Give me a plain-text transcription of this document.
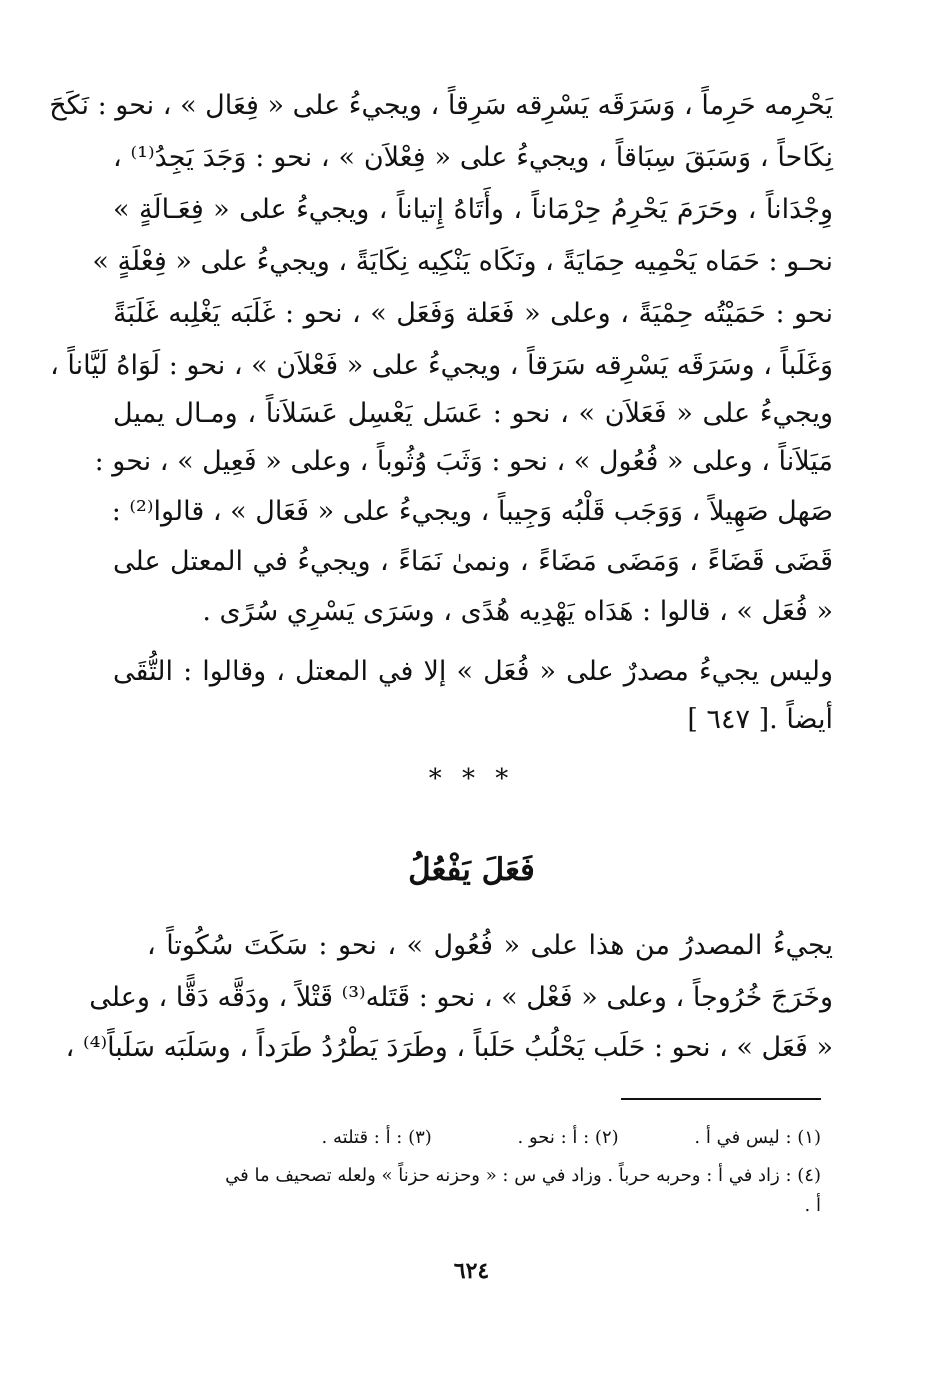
يَحْرِمه حَرِماً ، وَسَرَقَه يَسْرِقه سَرِقاً ، ويجيءُ على « فِعَال » ، نحو : نَكَحَ
نِكَاحاً ، وَسَبَقَ سِبَاقاً ، ويجيءُ على « فِعْلاَن » ، نحو : وَجَدَ يَجِدُ⁽¹⁾ ،
وِجْدَاناً ، وحَرَمَ يَحْرِمُ حِرْمَاناً ، وأَتَاهُ إِتياناً ، ويجيءُ على « فِعَـالَةٍ »
نحـو : حَمَاه يَحْمِيه حِمَايَةً ، ونَكَاه يَنْكِيه نِكَايَةً ، ويجيءُ على « فِعْلَةٍ »
نحو : حَمَيْتُه حِمْيَةً ، وعلى « فَعَلة وَفَعَل » ، نحو : غَلَبَه يَغْلِبه غَلَبَةً
وَغَلَباً ، وسَرَقَه يَسْرِقه سَرَقاً ، ويجيءُ على « فَعْلاَن » ، نحو : لَوَاهُ لَيَّاناً ،
ويجيءُ على « فَعَلاَن » ، نحو : عَسَل يَعْسِل عَسَلاَناً ، ومـال يميل
مَيَلاَناً ، وعلى « فُعُول » ، نحو : وَثَبَ وُثُوباً ، وعلى « فَعِيل » ، نحو :
صَهل صَهِيلاً ، وَوَجَب قَلْبُه وَجِيباً ، ويجيءُ على « فَعَال » ، قالوا⁽²⁾ :
قَضَى قَضَاءً ، وَمَضَى مَضَاءً ، ونمىٰ نَمَاءً ، ويجيءُ في المعتل على
« فُعَل » ، قالوا : هَدَاه يَهْدِيه هُدًى ، وسَرَى يَسْرِي سُرًى .
وليس يجيءُ مصدرٌ على « فُعَل » إلا في المعتل ، وقالوا : التُّقَى
أيضاً .[ ٦٤٧ ]
* * *
فَعَلَ يَفْعُلُ
يجيءُ المصدرُ من هذا على « فُعُول » ، نحو : سَكَتَ سُكُوتاً ،
وخَرَجَ خُرُوجاً ، وعلى « فَعْل » ، نحو : قَتَله⁽³⁾ قَتْلاً ، ودَقَّه دَقًّا ، وعلى
« فَعَل » ، نحو : حَلَب يَحْلُبُ حَلَباً ، وطَرَدَ يَطْرُدُ طَرَداً ، وسَلَبَه سَلَباً⁽⁴⁾ ،
(١) : ليس في أ . (٢) : أ : نحو . (٣) : أ : قتلته .
(٤) : زاد في أ : وحربه حرباً . وزاد في س : « وحزنه حزناً » ولعله تصحيف ما في
أ .
٦٢٤
